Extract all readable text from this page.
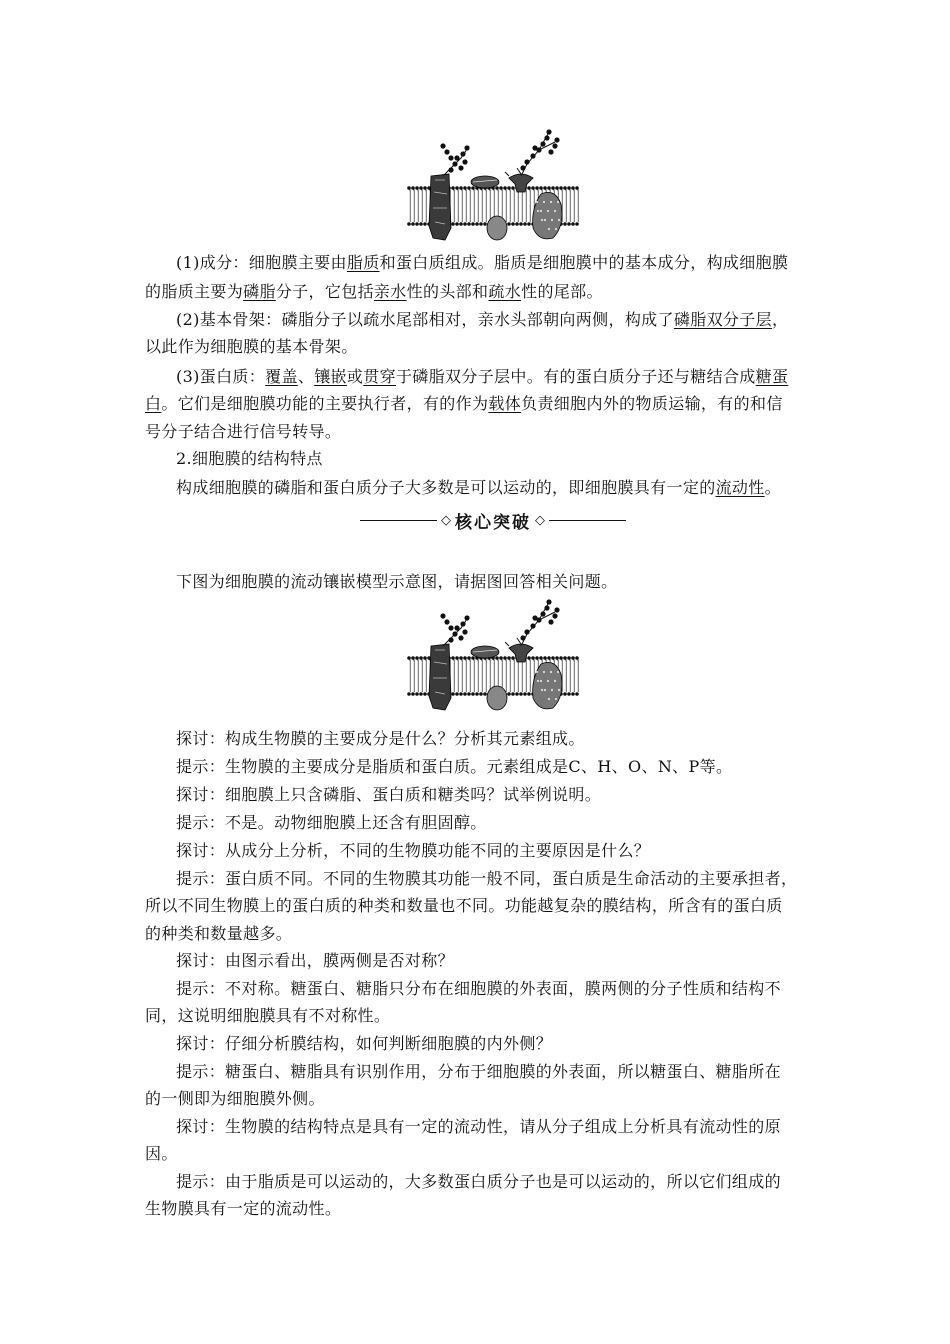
(1)成分：细胞膜主要由脂质和蛋白质组成。脂质是细胞膜中的基本成分，构成细胞膜
的脂质主要为磷脂分子，它包括亲水性的头部和疏水性的尾部。
(2)基本骨架：磷脂分子以疏水尾部相对，亲水头部朝向两侧，构成了磷脂双分子层，
以此作为细胞膜的基本骨架。
(3)蛋白质：覆盖、镶嵌或贯穿于磷脂双分子层中。有的蛋白质分子还与糖结合成糖蛋
白。它们是细胞膜功能的主要执行者，有的作为载体负责细胞内外的物质运输，有的和信
号分子结合进行信号转导。
2.细胞膜的结构特点
构成细胞膜的磷脂和蛋白质分子大多数是可以运动的，即细胞膜具有一定的流动性。
◇ 核心突破 ◇
下图为细胞膜的流动镶嵌模型示意图，请据图回答相关问题。
探讨：构成生物膜的主要成分是什么？分析其元素组成。
提示：生物膜的主要成分是脂质和蛋白质。元素组成是C、H、O、N、P等。
探讨：细胞膜上只含磷脂、蛋白质和糖类吗？试举例说明。
提示：不是。动物细胞膜上还含有胆固醇。
探讨：从成分上分析，不同的生物膜功能不同的主要原因是什么？
提示：蛋白质不同。不同的生物膜其功能一般不同，蛋白质是生命活动的主要承担者，
所以不同生物膜上的蛋白质的种类和数量也不同。功能越复杂的膜结构，所含有的蛋白质
的种类和数量越多。
探讨：由图示看出，膜两侧是否对称？
提示：不对称。糖蛋白、糖脂只分布在细胞膜的外表面，膜两侧的分子性质和结构不
同，这说明细胞膜具有不对称性。
探讨：仔细分析膜结构，如何判断细胞膜的内外侧？
提示：糖蛋白、糖脂具有识别作用，分布于细胞膜的外表面，所以糖蛋白、糖脂所在
的一侧即为细胞膜外侧。
探讨：生物膜的结构特点是具有一定的流动性，请从分子组成上分析具有流动性的原
因。
提示：由于脂质是可以运动的，大多数蛋白质分子也是可以运动的，所以它们组成的
生物膜具有一定的流动性。
